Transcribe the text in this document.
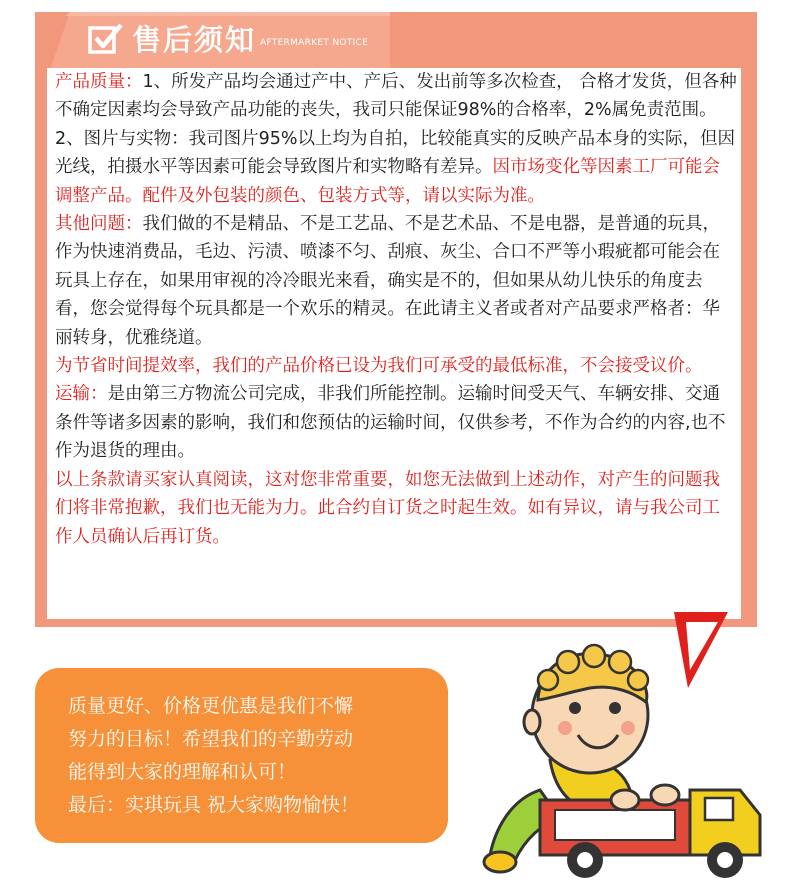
售后须知 AFTERMARKET NOTICE

产品质量：1、所发产品均会通过产中、产后、发出前等多次检查， 合格才发货，但各种不确定因素均会导致产品功能的丧失，我司只能保证98%的合格率，2%属免责范围。2、图片与实物：我司图片95%以上均为自拍，比较能真实的反映产品本身的实际，但因光线，拍摄水平等因素可能会导致图片和实物略有差异。因市场变化等因素工厂可能会调整产品。配件及外包装的颜色、包装方式等，请以实际为准。

其他问题：我们做的不是精品、不是工艺品、不是艺术品、不是电器，是普通的玩具，作为快速消费品，毛边、污渍、喷漆不匀、刮痕、灰尘、合口不严等小瑕疵都可能会在玩具上存在，如果用审视的冷冷眼光来看，确实是不的，但如果从幼儿快乐的角度去看，您会觉得每个玩具都是一个欢乐的精灵。在此请主义者或者对产品要求严格者：华丽转身，优雅绕道。

为节省时间提效率，我们的产品价格已设为我们可承受的最低标准，不会接受议价。

运输：是由第三方物流公司完成，非我们所能控制。运输时间受天气、车辆安排、交通条件等诸多因素的影响，我们和您预估的运输时间，仅供参考，不作为合约的内容,也不作为退货的理由。

以上条款请买家认真阅读，这对您非常重要，如您无法做到上述动作，对产生的问题我们将非常抱歉，我们也无能为力。此合约自订货之时起生效。如有异议，请与我公司工作人员确认后再订货。

质量更好、价格更优惠是我们不懈
努力的目标！希望我们的辛勤劳动
能得到大家的理解和认可！
最后：实琪玩具 祝大家购物愉快！
